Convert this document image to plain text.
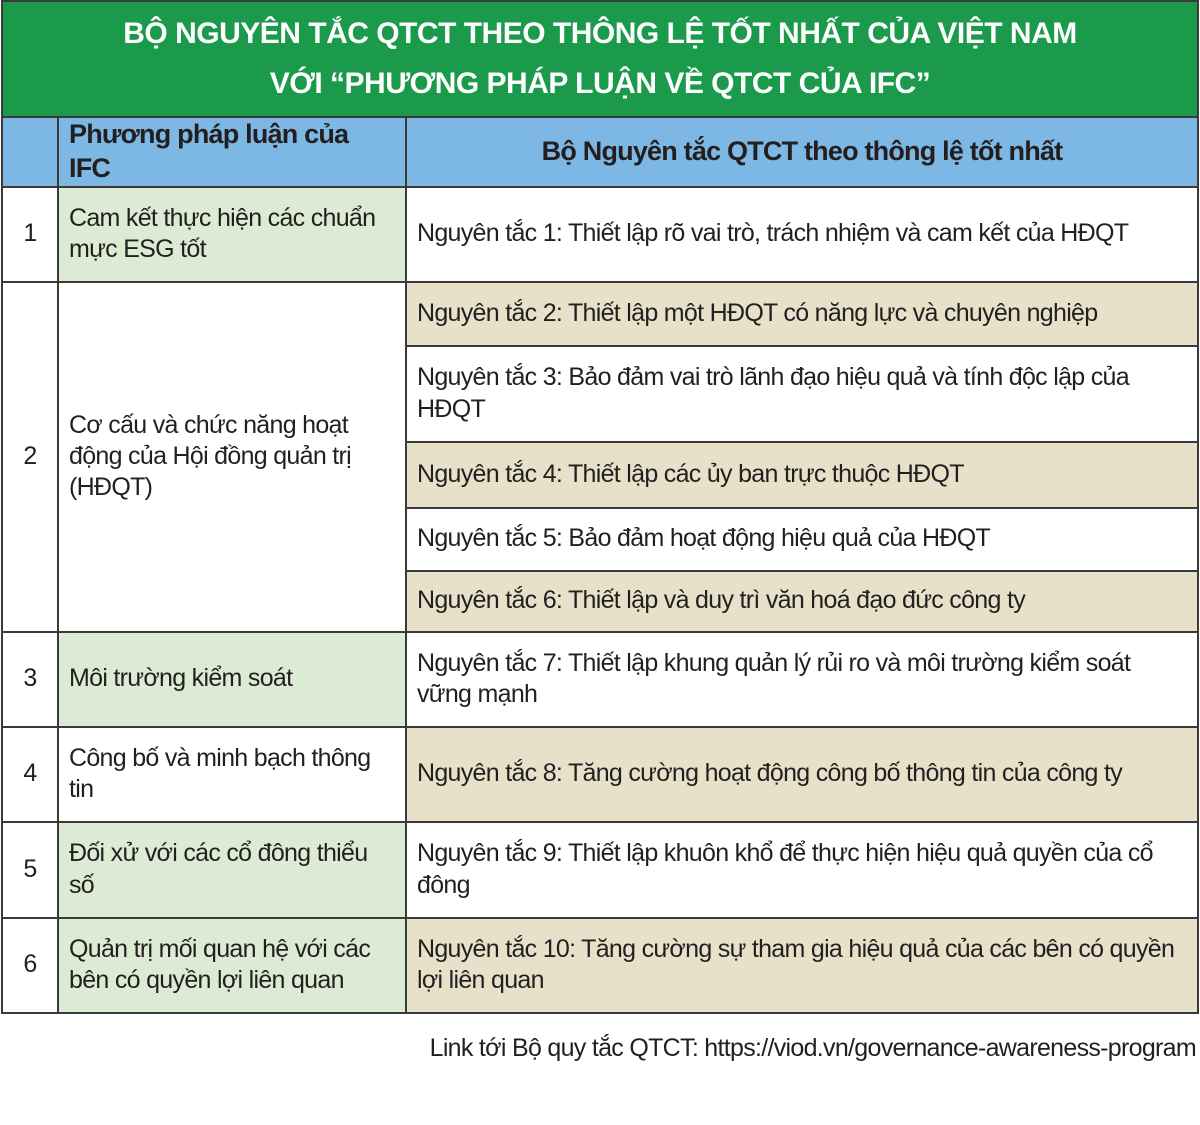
BỘ NGUYÊN TẮC QTCT THEO THÔNG LỆ TỐT NHẤT CỦA VIỆT NAM
VỚI “PHƯƠNG PHÁP LUẬN VỀ QTCT CỦA IFC”		

	Phương pháp luận của IFC	Bộ Nguyên tắc QTCT theo thông lệ tốt nhất
1	Cam kết thực hiện các chuẩn mực ESG tốt	Nguyên tắc 1: Thiết lập rõ vai trò, trách nhiệm và cam kết của HĐQT
2	Cơ cấu và chức năng hoạt động của Hội đồng quản trị (HĐQT)	Nguyên tắc 2: Thiết lập một HĐQT có năng lực và chuyên nghiệp
		Nguyên tắc 3: Bảo đảm vai trò lãnh đạo hiệu quả và tính độc lập của HĐQT
		Nguyên tắc 4: Thiết lập các ủy ban trực thuộc HĐQT
		Nguyên tắc 5: Bảo đảm hoạt động hiệu quả của HĐQT
		Nguyên tắc 6: Thiết lập và duy trì văn hoá đạo đức công ty
3	Môi trường kiểm soát	Nguyên tắc 7: Thiết lập khung quản lý rủi ro và môi trường kiểm soát vững mạnh
4	Công bố và minh bạch thông tin	Nguyên tắc 8: Tăng cường hoạt động công bố thông tin của công ty
5	Đối xử với các cổ đông thiểu số	Nguyên tắc 9: Thiết lập khuôn khổ để thực hiện hiệu quả quyền của cổ đông
6	Quản trị mối quan hệ với các bên có quyền lợi liên quan	Nguyên tắc 10: Tăng cường sự tham gia hiệu quả của các bên có quyền lợi liên quan
Link tới Bộ quy tắc QTCT: https://viod.vn/governance-awareness-program
